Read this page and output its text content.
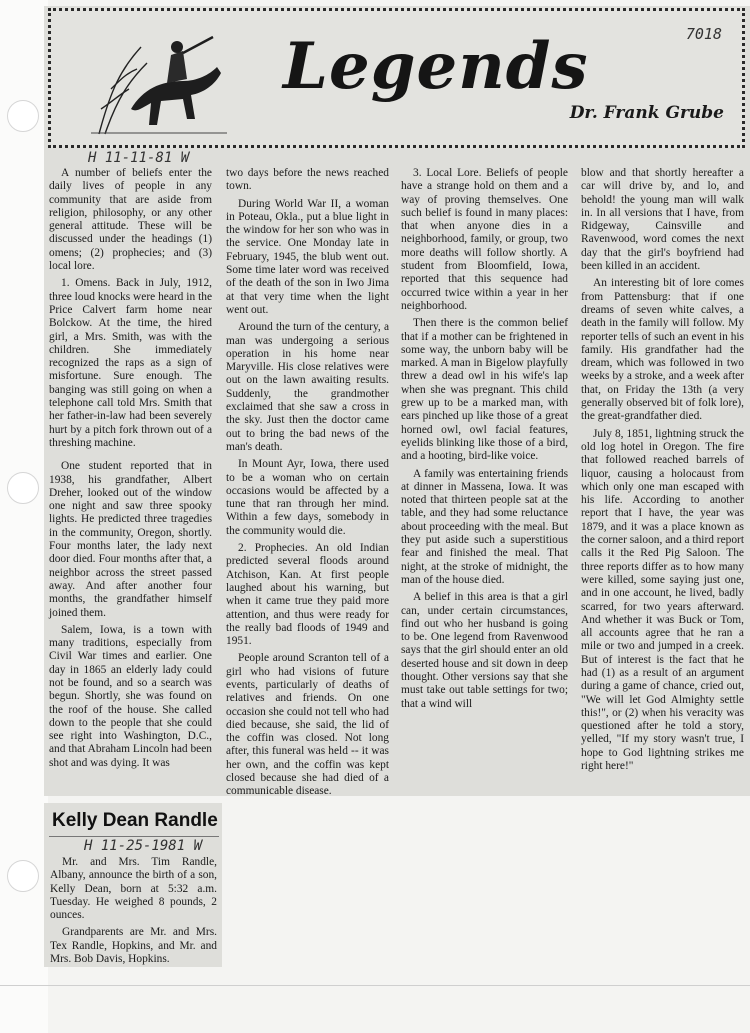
Legends	7018
Dr. Frank Grube
H 11-11-81 W

A number of beliefs enter the daily lives of people in any community that are aside from religion, philosophy, or any other general attitude. These will be discussed under the headings (1) omens; (2) prophecies; and (3) local lore.

1. Omens. Back in July, 1912, three loud knocks were heard in the Price Calvert farm home near Bolckow. At the time, the hired girl, a Mrs. Smith, was with the children. She immediately recognized the raps as a sign of misfortune. Sure enough. The banging was still going on when a telephone call told Mrs. Smith that her father-in-law had been severely hurt by a pitch fork thrown out of a threshing machine.

One student reported that in 1938, his grandfather, Albert Dreher, looked out of the window one night and saw three spooky lights. He predicted three tragedies in the community, Oregon, shortly. Four months later, the lady next door died. Four months after that, a neighbor across the street passed away. And after another four months, the grandfather himself joined them.

Salem, Iowa, is a town with many traditions, especially from Civil War times and earlier. One day in 1865 an elderly lady could not be found, and so a search was begun. Shortly, she was found on the roof of the house. She called down to the people that she could see right into Washington, D.C., and that Abraham Lincoln had been shot and was dying. It was

two days before the news reached town.

During World War II, a woman in Poteau, Okla., put a blue light in the window for her son who was in the service. One Monday late in February, 1945, the blub went out. Some time later word was received of the death of the son in Iwo Jima at that very time when the light went out.

Around the turn of the century, a man was undergoing a serious operation in his home near Maryville. His close relatives were out on the lawn awaiting results. Suddenly, the grandmother exclaimed that she saw a cross in the sky. Just then the doctor came out to bring the bad news of the man's death.

In Mount Ayr, Iowa, there used to be a woman who on certain occasions would be affected by a tune that ran through her mind. Within a few days, somebody in the community would die.

2. Prophecies. An old Indian predicted several floods around Atchison, Kan. At first people laughed about his warning, but when it came true they paid more attention, and thus were ready for the really bad floods of 1949 and 1951.

People around Scranton tell of a girl who had visions of future events, particularly of deaths of relatives and friends. On one occasion she could not tell who had died because, she said, the lid of the coffin was closed. Not long after, this funeral was held -- it was her own, and the coffin was kept closed because she had died of a communicable disease.

3. Local Lore. Beliefs of people have a strange hold on them and a way of proving themselves. One such belief is found in many places: that when anyone dies in a neighborhood, family, or group, two more deaths will follow shortly. A student from Bloomfield, Iowa, reported that this sequence had occurred twice within a year in her neighborhood.

Then there is the common belief that if a mother can be frightened in some way, the unborn baby will be marked. A man in Bigelow playfully threw a dead owl in his wife's lap when she was pregnant. This child grew up to be a marked man, with ears pinched up like those of a great horned owl, owl facial features, eyelids blinking like those of a bird, and a hooting, bird-like voice.

A family was entertaining friends at dinner in Massena, Iowa. It was noted that thirteen people sat at the table, and they had some reluctance about proceeding with the meal. But they put aside such a superstitious fear and finished the meal. That night, at the stroke of midnight, the man of the house died.

A belief in this area is that a girl can, under certain circumstances, find out who her husband is going to be. One legend from Ravenwood says that the girl should enter an old deserted house and sit down in deep thought. Other versions say that she must take out table settings for two; that a wind will

blow and that shortly hereafter a car will drive by, and lo, and behold! the young man will walk in. In all versions that I have, from Ridgeway, Cainsville and Ravenwood, word comes the next day that the girl's boyfriend had been killed in an accident.

An interesting bit of lore comes from Pattensburg: that if one dreams of seven white calves, a death in the family will follow. My reporter tells of such an event in his family. His grandfather had the dream, which was followed in two weeks by a stroke, and a week after that, on Friday the 13th (a very generally observed bit of folk lore), the great-grandfather died.

July 8, 1851, lightning struck the old log hotel in Oregon. The fire that followed reached barrels of liquor, causing a holocaust from which only one man escaped with his life. According to another report that I have, the year was 1879, and it was a place known as the corner saloon, and a third report calls it the Red Pig Saloon. The three reports differ as to how many were killed, some saying just one, and in one account, he lived, badly scarred, for two years afterward. And whether it was Buck or Tom, all accounts agree that he ran a mile or two and jumped in a creek. But of interest is the fact that he had (1) as a result of an argument during a game of chance, cried out, "We will let God Almighty settle this!", or (2) when his veracity was questioned after he told a story, yelled, "If my story wasn't true, I hope to God lightning strikes me right here!"

Kelly Dean Randle
H 11-25-1981 W

Mr. and Mrs. Tim Randle, Albany, announce the birth of a son, Kelly Dean, born at 5:32 a.m. Tuesday. He weighed 8 pounds, 2 ounces.

Grandparents are Mr. and Mrs. Tex Randle, Hopkins, and Mr. and Mrs. Bob Davis, Hopkins.
